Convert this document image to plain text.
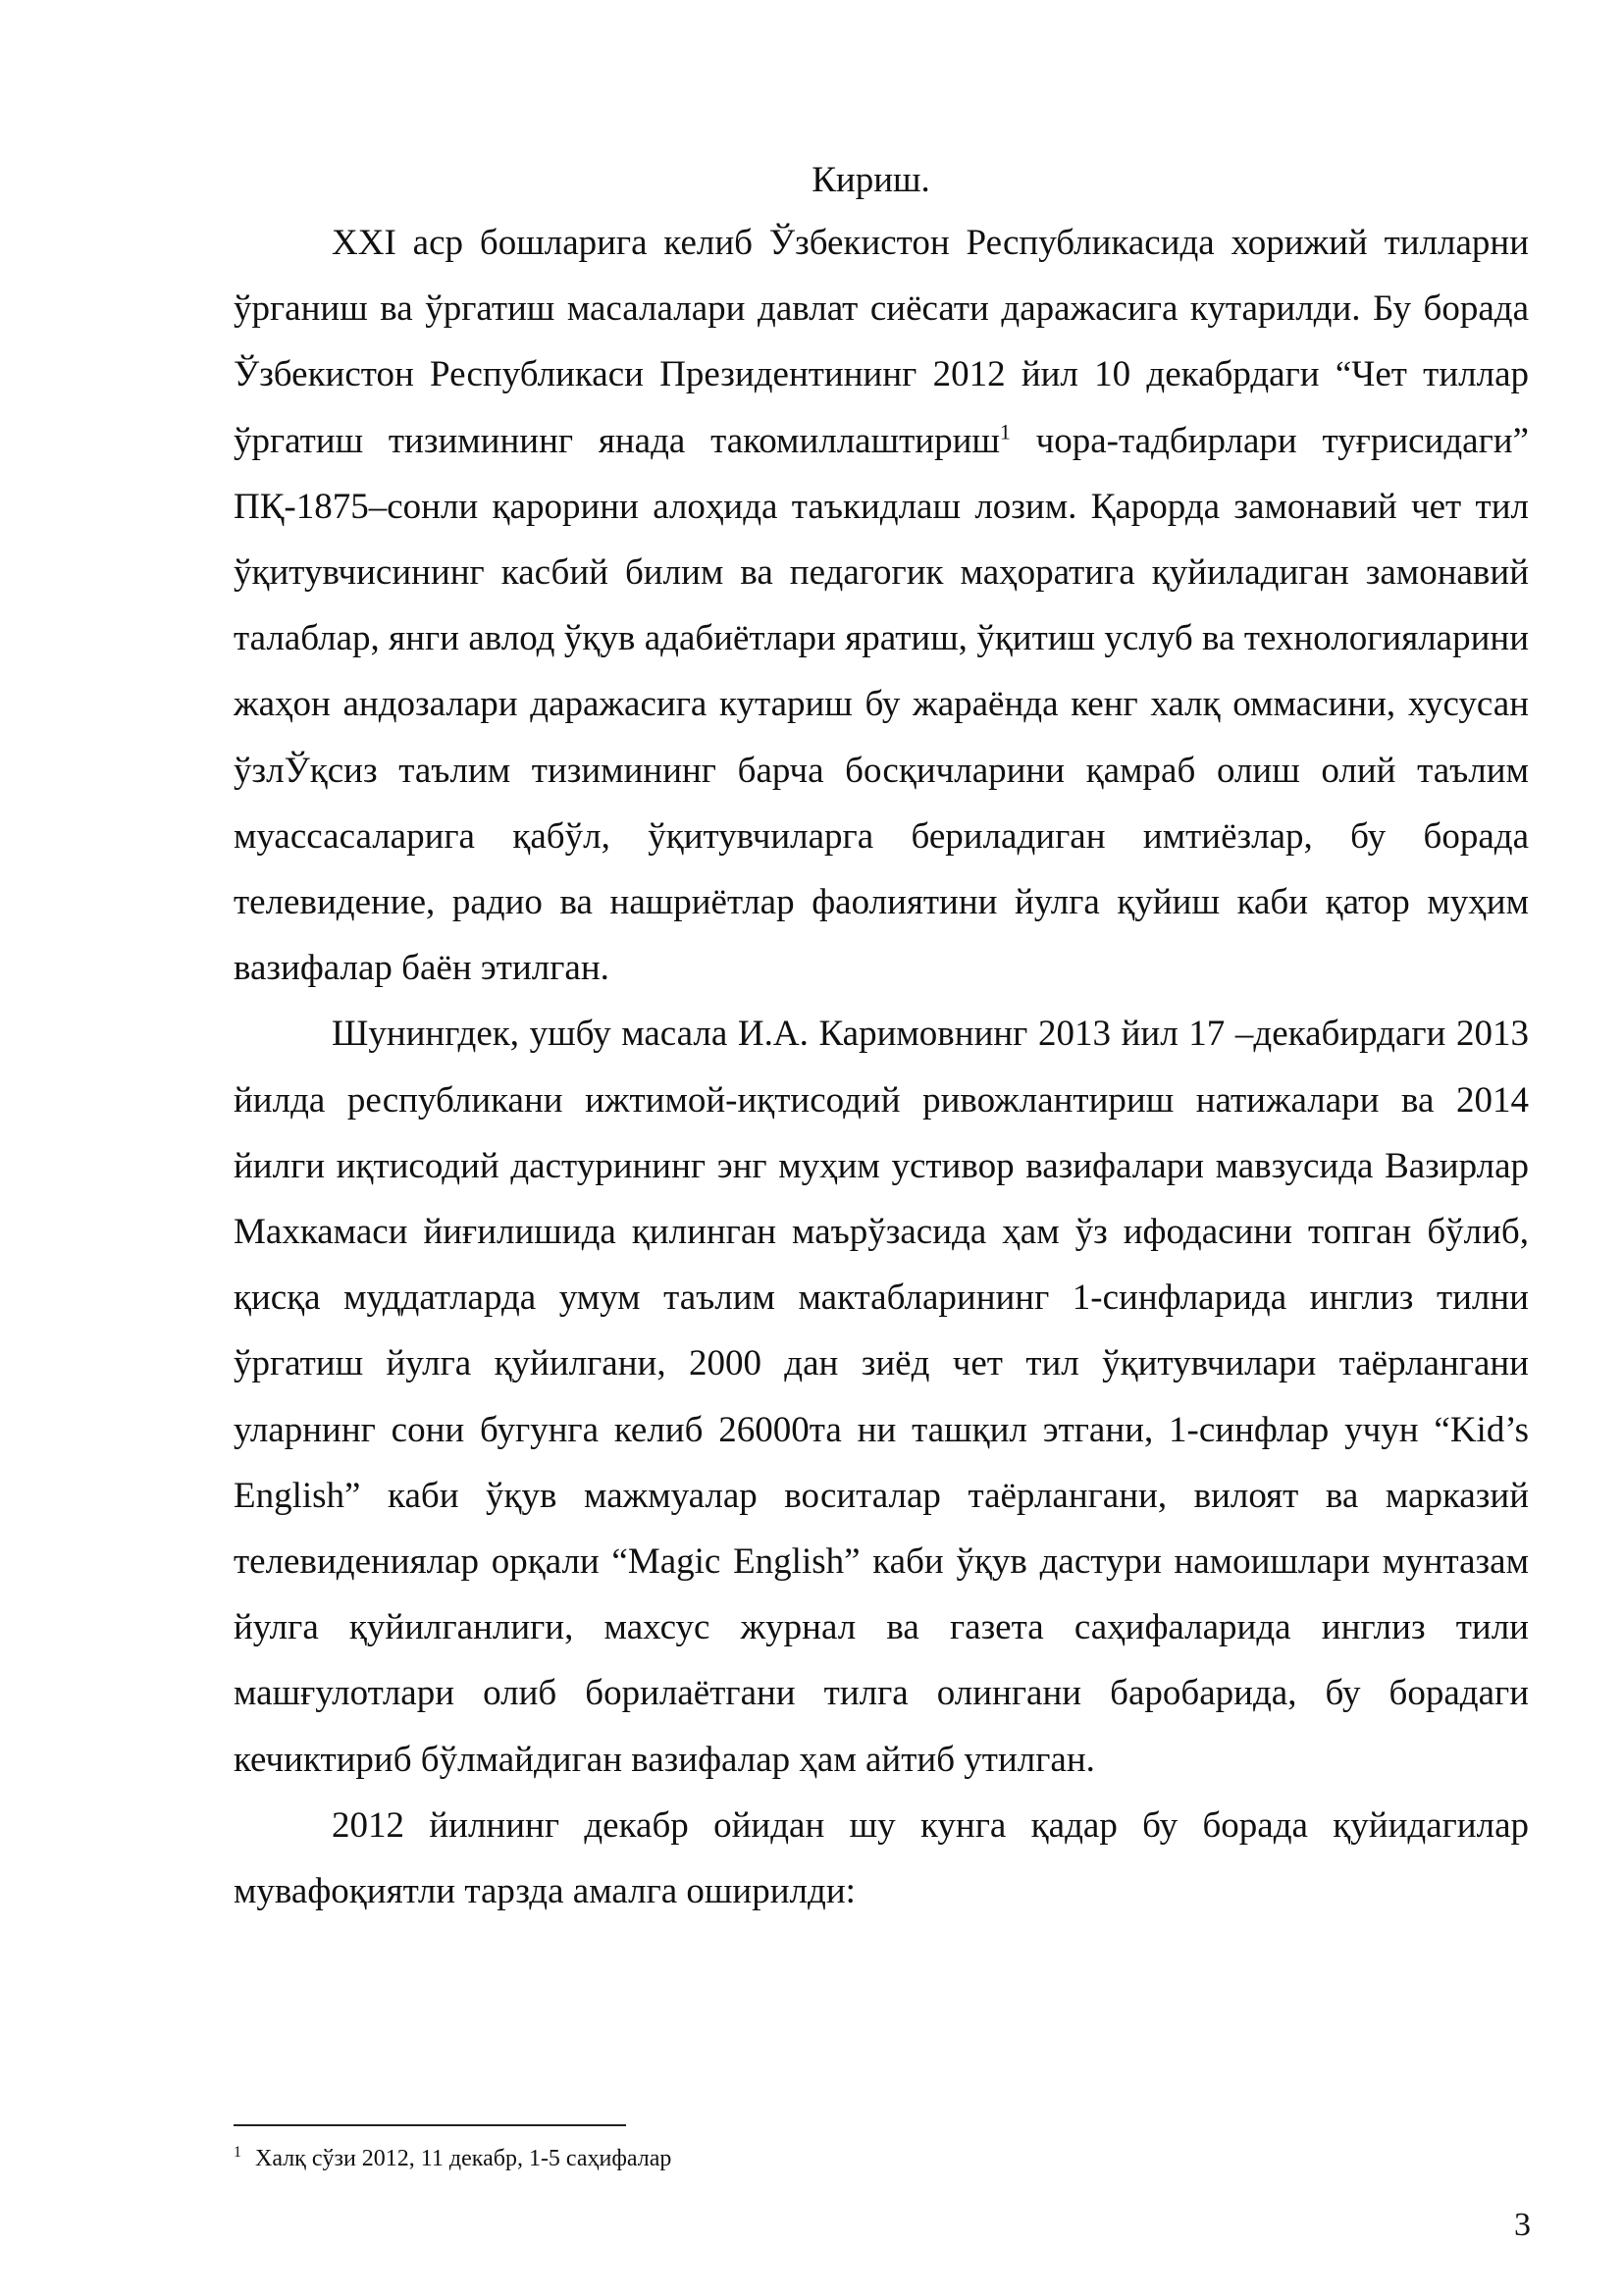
Кириш.

XXI аср бошларига келиб Ўзбекистон Республикасида хорижий тилларни ўрганиш ва ўргатиш масалалари давлат сиёсати даражасига кутарилди. Бу борада Ўзбекистон Республикаси Президентининг 2012 йил 10 декабрдаги “Чет тиллар ўргатиш тизимининг янада такомиллаштириш$^1$ чора-тадбирлари туғрисидаги” ПҚ-1875–сонли қарорини алоҳида таъкидлаш лозим. Қарорда замонавий чет тил ўқитувчисининг касбий билим ва педагогик маҳоратига қуйиладиган замонавий талаблар, янги авлод ўқув адабиётлари яратиш, ўқитиш услуб ва технологияларини жаҳон андозалари даражасига кутариш бу жараёнда кенг халқ оммасини, хусусан ўзлЎқсиз таълим тизимининг барча босқичларини қамраб олиш олий таълим муассасаларига қабўл, ўқитувчиларга бериладиган имтиёзлар, бу борада телевидение, радио ва нашриётлар фаолиятини йулга қуйиш каби қатор муҳим вазифалар баён этилган.

Шунингдек, ушбу масала И.А. Каримовнинг 2013 йил 17 –декабирдаги 2013 йилда республикани ижтимой-иқтисодий ривожлантириш натижалари ва 2014 йилги иқтисодий дастурининг энг муҳим устивор вазифалари мавзусида Вазирлар Махкамаси йиғилишида қилинган маърўзасида ҳам ўз ифодасини топган бўлиб, қисқа муддатларда умум таълим мактабларининг 1-синфларида инглиз тилни ўргатиш йулга қуйилгани, 2000 дан зиёд чет тил ўқитувчилари таёрлангани уларнинг сони бугунга келиб 26000та ни ташқил этгани, 1-синфлар учун “Kid’s English” каби ўқув мажмуалар воситалар таёрлангани, вилоят ва марказий телевидениялар орқали “Magic English” каби ўқув дастури намоишлари мунтазам йулга қуйилганлиги, махсус журнал ва газета саҳифаларида инглиз тили машғулотлари олиб борилаётгани тилга олингани баробарида, бу борадаги кечиктириб бўлмайдиган вазифалар ҳам айтиб утилган.

2012 йилнинг декабр ойидан шу кунга қадар бу борада қуйидагилар мувафоқиятли тарзда амалга оширилди:

$^1$ Халқ сўзи 2012, 11 декабр, 1-5 саҳифалар
3
